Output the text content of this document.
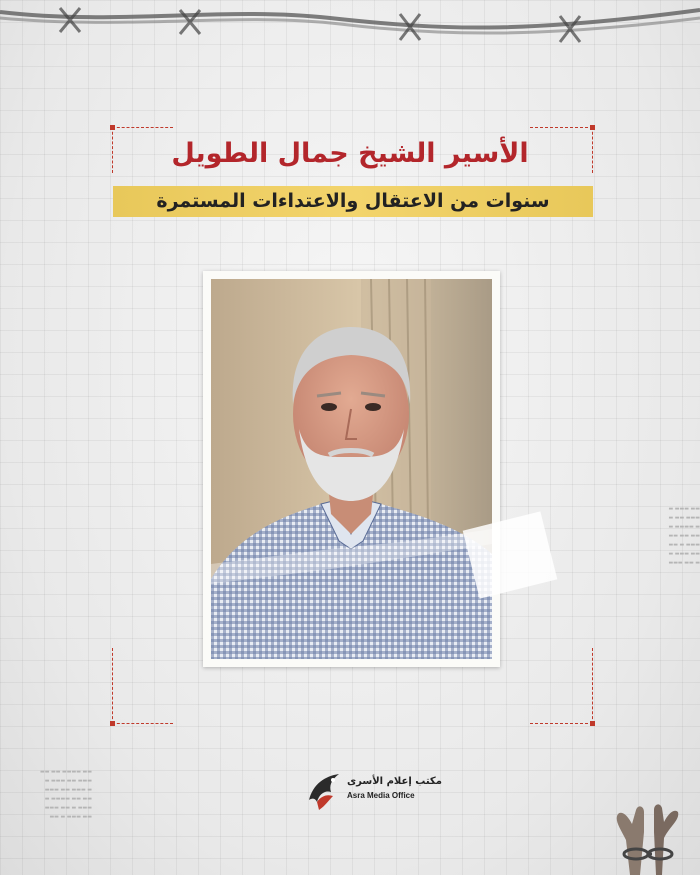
الأسير الشيخ جمال الطويل
سنوات من الاعتقال والاعتداءات المستمرة
▬▬ ▬▬▬ ▬
▬▬▬ ▬▬ ▬
▬ ▬▬▬▬ ▬
▬▬ ▬▬ ▬▬
▬▬▬ ▬ ▬▬
▬▬ ▬▬▬ ▬
▬ ▬▬ ▬▬▬
▬▬ ▬▬▬▬ ▬▬ ▬▬
▬▬▬ ▬▬ ▬▬▬ ▬
▬ ▬▬▬ ▬▬ ▬▬▬
▬▬ ▬▬ ▬▬▬▬ ▬
▬▬▬ ▬ ▬▬ ▬▬▬
▬▬ ▬▬▬ ▬ ▬▬
مكتب إعلام الأسرى
Asra Media Office
